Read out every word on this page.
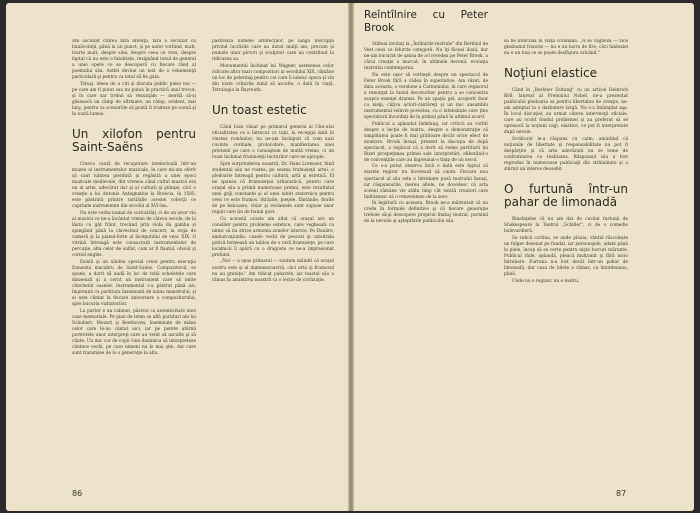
Am ascultat citirea fără intenţii, fără a ascultat cu bunăvoinţă, până la un punct, şi pe autor vorbind, mult, foarte mult, despre sine, despre ceea ce vrea, despre faptul că nu este o fatalitate, resignând tonul de general a unei opere ce se descoperă cu fiecare rând al poemului său. Astfel devine un text de o vehemenţă particulară şi pentru ca totul să fie gata.

Totuşi, ideea de a citi şi discuta public piese noi — pe care am fi putut sau nu putea în practică anul trecut, şi în care sar trebui să renunţăm — merită să-şi găsească un câmp de afirmare; un câmp, evident, mai larg, pentru ca scenariile să poată fi traduse pe scenă şi în toată lumea.

Un xilofon pentru Saint-Saëns

Cineva caută de recuperare intelectuală într-un muzeu al instrumentelor muzicale, în care mi-am oferit să caut iubirea pierdută şi regăsită a unei epoci muzicale medievale, din vremea când cultul muzicii era un al artei, adevărat dar şi al culturii şi ştiinţei, căci o creaţie a lui Antonio Antegnatius la Brescia, în 1585, este păstrată printre rarităţile acestei colecţii ce cuprinde instrumente din secolul al XVI-lea.

Nu este vorba numai de curiozităţi, ci de un izvor viu al muzicii ce ne-a încântat vreme de câteva secole, de la lăuta cu gât frânt, trecând prin viola da gamba şi ajungând până la clavecinul de concert, la orga de cameră şi la pianul-forte al începutului de veac XIX. O vitrină întreagă este consacrată instrumentelor de percuţie, alta celor de suflat, cum ar fi flautul, oboiul şi cornul englez.

Există şi un xilofon special creat pentru execuţia Dansului macabru de Saint-Saëns. Compozitorul, se spune, a dorit să audă în loc de tobă scheletele care dansează şi a cerut un instrument care să imite clinchetul oaselor. Instrumentul s-a păstrat până azi, împreună cu partitura însemnată de mâna maestrului, şi el este cântat la fiecare aniversare a compozitorului, spre bucuria vizitatorilor.

La parter e un cabinet, păstrat ca autenticitate unei case memoriale. Pe pian de lemn se află partituri ale lui Schubert, Mozart şi Beethoven, însemnate de mâna celor care le-au cântat aici, iar pe perete atârnă portretele unor interpreţi care au venit să asculte şi să cânte. Un mic cor de copii vine duminica să interpreteze cântece vechi, pe care nimeni nu le mai ştie, dar care sunt transmise de la o generaţie la alta.

păstrează numele arhitecţilor, pe lângă inscripţii privind lucrările care au durat mulţi ani, precum şi numele unor pictori şi sculptori care au contribuit la ridicarea sa.

Monumentul închinat lui Wagner, asemenea celor ridicate altor mari compozitori ai secolului XIX, rămâne un loc de pelerinaj pentru cei care îi iubesc opera şi vin din toate colţurile lumii să asculte, o dată în viaţă, Tetralogia la Bayreuth.

Un toast estetic

Când Ioan vânat pe primarul general al Ulm-ului oficialitatea ce a întrecut cu toţii, la recepţia dată în cinstea românilor, nu ne-am închipuit că vom auzi cuvinte cordiale, protocolare, manifestarea unei prietenii pe care o cunoaştem de multă vreme, ci un toast închinat frumuseţii lucrurilor care ne apropie.

Spre surprinderea noastră, Dr. Hans Lorenser, fiind studentul său ne rostea, pe seama frumuseţii artei, o pledoarie întreagă pentru cultură, artă şi estetică. El ne spunea că frumuseţea urbanistică, pentru care oraşul său a primit numeroase premii, este rezultatul unei griji constante şi al unei iubiri statornice pentru ceea ce este frumos. Străzile, pieţele, fântânile, florile de pe balcoane, chiar şi reclamele sunt supuse unor reguli care ţin de bunul gust.

Cu această ocazie am aflat că oraşul are un consilier pentru probleme estetice, care veghează ca nimic să nu strice armonia zonelor istorice. Pe Dunăre, ambarcaţiunile, casele vechi de pescari şi catedrala gotică formează un tablou de o rară frumuseţe, pe care localnicii îl apără cu o dragoste ce ne-a impresionat profund.

„Noi — a spus primarul — suntem mândri că oraşul nostru este şi al dumneavoastră, căci arta şi frumosul nu au graniţe." Am ridicat paharele, iar toastul său a rămas în amintirea noastră ca o lecţie de civilizaţie.

86
Reîntîlnire cu Peter Brook

Stăteai invitaţi la „Întîlnirile teatrale" din Berlinul de Vest ceea ce felurite categorii. Nu îţi făceai iluzii, dar ne-am bucurat de şansa de a-l revedea pe Peter Brook, a cărui creaţie a marcat, în ultimele decenii, evoluţia teatrului contemporan.

Nu este uşor să vorbeşti despre un spectacol de Peter Brook fără a cădea în superlative. Am văzut, de data aceasta, o versiune a Carmenului, în care regizorul a renunţat la fastul decorurilor pentru a se concentra asupra esenţei dramei. Pe un spaţiu gol, acoperit doar cu nisip, câţiva actori-cântăreţi şi un mic ansamblu instrumental reînvie povestea, cu o intensitate care ţine spectatorii încordaţi de la primul până la ultimul acord.

Publicul a aplaudat îndelung, iar criticii au vorbit despre o lecţie de teatru, despre o demonstraţie că simplitatea poate fi mai grăitoare decât orice efect de montare. Brook însuşi, prezent la discuţia de după spectacol, a explicat că a dorit să redea partiturii lui Bizet prospeţimea primei sale interpretări, eliberând-o de convenţiile care au îngreunat-o timp de un secol.

Ce s-a putut observa încă o dată este faptul că marele regizor nu încetează să caute. Fiecare nou spectacol al său este o întrebare pusă teatrului însuşi, iar răspunsurile, mereu altele, ne dovedesc că arta scenei rămâne vie atâta timp cât există creatori care îndrăznesc să o reinventeze de la zero.

În legătură cu aceasta, Brook ne-a mărturisit că nu crede în formule definitive şi că fiecare generaţie trebuie să-şi descopere propriul limbaj teatral, pornind de la nevoile şi aşteptările publicului său.

să fie interzisă în viaţa cotidiană. „A se vagheza — zice glasbunul francez — nu e un lucru de fire, căci fanteziei nu e un bun ce se poate desfăşura oricând."

Noţiuni elastice

Când în „Berliner Zeitung" cu un articol Heinrich Böll, laureat al Premiului Nobel, ne-a prezentat publicului pledoaria sa pentru libertatea de creaţie, ne-am aşteptat la o dezbatere largă. Nu s-a întâmplat aşa. În locul discuţiei, au urmat câteva intervenţii oficiale, care au ocolit fondul problemei şi au preferat să se oprească la noţiuni vagi, elastice, ce pot fi interpretate după nevoie.

Scriitorul le-a răspuns cu calm, amintind că noţiunile de libertate şi responsabilitate nu pot fi despărţite şi că arta adevărată nu se teme de confruntarea cu realitatea. Răspunsul său a fost reprodus în numeroase publicaţii din străinătate şi a stârnit un interes deosebit.

O furtună într-un pahar de limonadă

Bineînţeles că nu am dat de cuvânt furtunii de Shakespeare la Teatrul „Schiller", ci de o comedie bulevardieră.

Se ridică cortina, se aude ploaia, vântul răscoleşte un fulger desenat pe fundal, iar personajele, udate până la piele, încep să se certe pentru nişte lucruri mărunte. Publicul râde, aplaudă, pleacă mulţumit şi fără nicio întrebare. Furtuna n-a fost decât într-un pahar de limonadă, dar casa de bilete a rămas, ca întotdeauna, plină.

Unde nu e regizor, nu e teatru.

87
